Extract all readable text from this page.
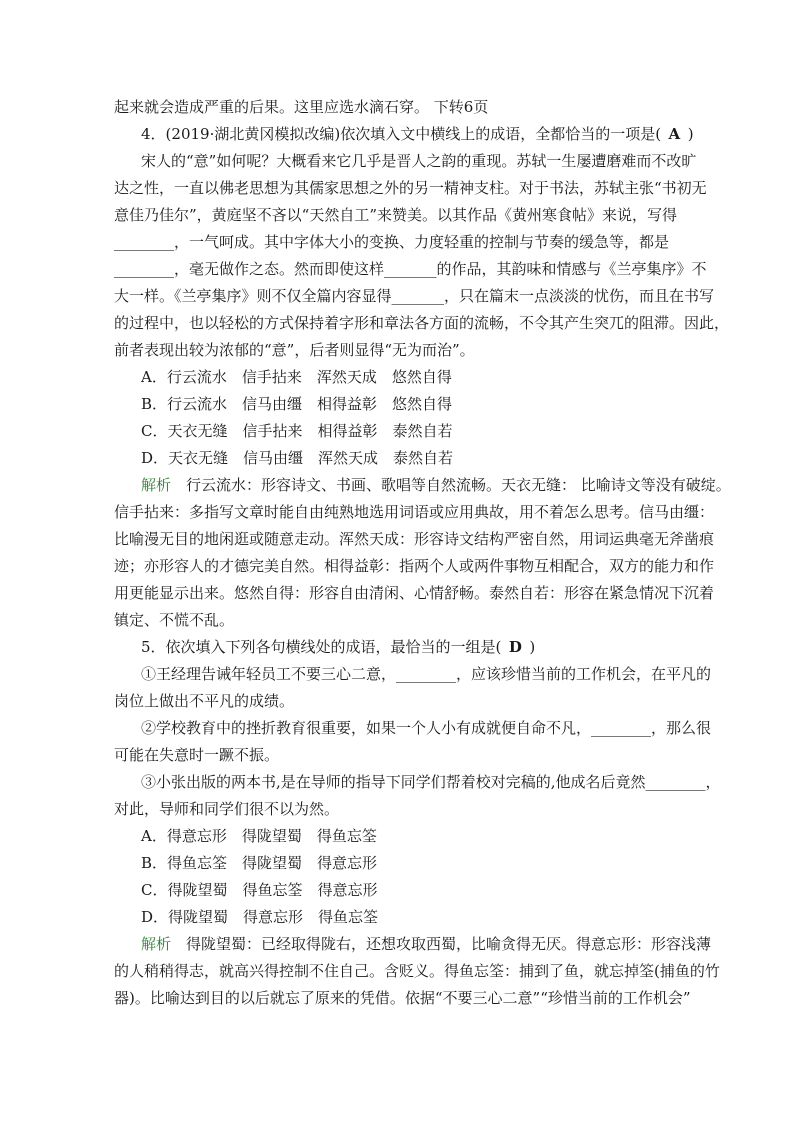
起来就会造成严重的后果。这里应选水滴石穿。 下转6页
4．(2019·湖北黄冈模拟改编)依次填入文中横线上的成语，全都恰当的一项是(  A  )
宋人的“意”如何呢？大概看来它几乎是晋人之韵的重现。苏轼一生屡遭磨难而不改旷
达之性，一直以佛老思想为其儒家思想之外的另一精神支柱。对于书法，苏轼主张“书初无
意佳乃佳尔”，黄庭坚不吝以“天然自工”来赞美。以其作品《黄州寒食帖》来说，写得
________，一气呵成。其中字体大小的变换、力度轻重的控制与节奏的缓急等，都是
________，毫无做作之态。然而即使这样_______的作品，其韵味和情感与《兰亭集序》不
大一样。《兰亭集序》则不仅全篇内容显得_______，只在篇末一点淡淡的忧伤，而且在书写
的过程中，也以轻松的方式保持着字形和章法各方面的流畅，不令其产生突兀的阻滞。因此，
前者表现出较为浓郁的“意”，后者则显得“无为而治”。
A．行云流水　信手拈来　浑然天成　悠然自得
B．行云流水　信马由缰　相得益彰　悠然自得
C．天衣无缝　信手拈来　相得益彰　泰然自若
D．天衣无缝　信马由缰　浑然天成　泰然自若
解析　行云流水：形容诗文、书画、歌唱等自然流畅。天衣无缝： 比喻诗文等没有破绽。
信手拈来：多指写文章时能自由纯熟地选用词语或应用典故，用不着怎么思考。信马由缰：
比喻漫无目的地闲逛或随意走动。浑然天成：形容诗文结构严密自然，用词运典毫无斧凿痕
迹；亦形容人的才德完美自然。相得益彰：指两个人或两件事物互相配合，双方的能力和作
用更能显示出来。悠然自得：形容自由清闲、心情舒畅。泰然自若：形容在紧急情况下沉着
镇定、不慌不乱。
5．依次填入下列各句横线处的成语，最恰当的一组是(  D  )
①王经理告诫年轻员工不要三心二意，________，应该珍惜当前的工作机会，在平凡的
岗位上做出不平凡的成绩。
②学校教育中的挫折教育很重要，如果一个人小有成就便自命不凡，________，那么很
可能在失意时一蹶不振。
③小张出版的两本书,是在导师的指导下同学们帮着校对完稿的,他成名后竟然________，
对此，导师和同学们很不以为然。
A．得意忘形　得陇望蜀　得鱼忘筌
B．得鱼忘筌　得陇望蜀　得意忘形
C．得陇望蜀　得鱼忘筌　得意忘形
D．得陇望蜀　得意忘形　得鱼忘筌
解析　得陇望蜀：已经取得陇右，还想攻取西蜀，比喻贪得无厌。得意忘形：形容浅薄
的人稍稍得志，就高兴得控制不住自己。含贬义。得鱼忘筌：捕到了鱼，就忘掉筌(捕鱼的竹
器)。比喻达到目的以后就忘了原来的凭借。依据“不要三心二意”“珍惜当前的工作机会”
